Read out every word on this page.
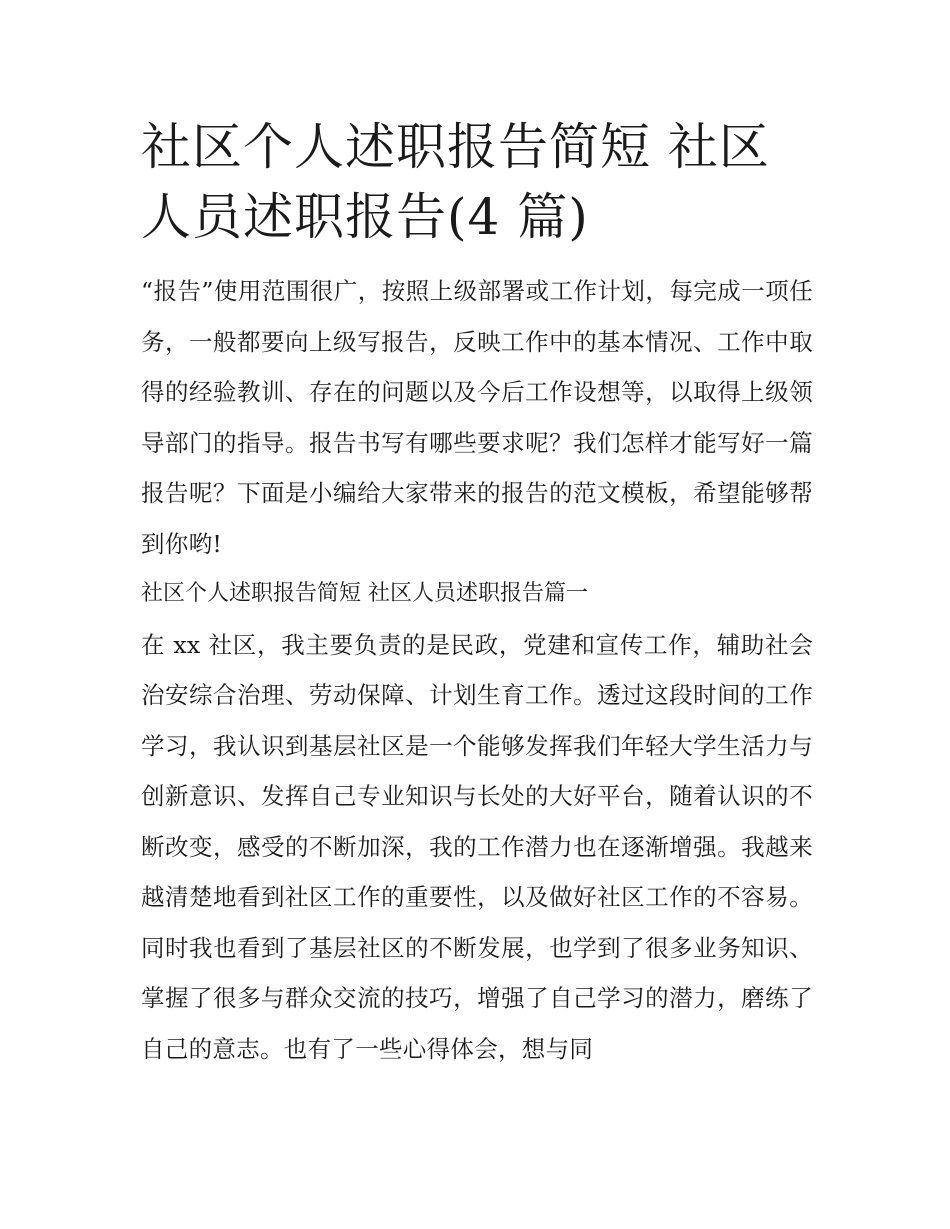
社区个人述职报告简短 社区人员述职报告(4 篇)

“报告”使用范围很广，按照上级部署或工作计划，每完成一项任务，一般都要向上级写报告，反映工作中的基本情况、工作中取得的经验教训、存在的问题以及今后工作设想等，以取得上级领导部门的指导。报告书写有哪些要求呢？我们怎样才能写好一篇报告呢？下面是小编给大家带来的报告的范文模板，希望能够帮到你哟!

社区个人述职报告简短 社区人员述职报告篇一

在 xx 社区，我主要负责的是民政，党建和宣传工作，辅助社会治安综合治理、劳动保障、计划生育工作。透过这段时间的工作学习，我认识到基层社区是一个能够发挥我们年轻大学生活力与创新意识、发挥自己专业知识与长处的大好平台，随着认识的不断改变，感受的不断加深，我的工作潜力也在逐渐增强。我越来越清楚地看到社区工作的重要性，以及做好社区工作的不容易。同时我也看到了基层社区的不断发展，也学到了很多业务知识、掌握了很多与群众交流的技巧，增强了自己学习的潜力，磨练了自己的意志。也有了一些心得体会，想与同
